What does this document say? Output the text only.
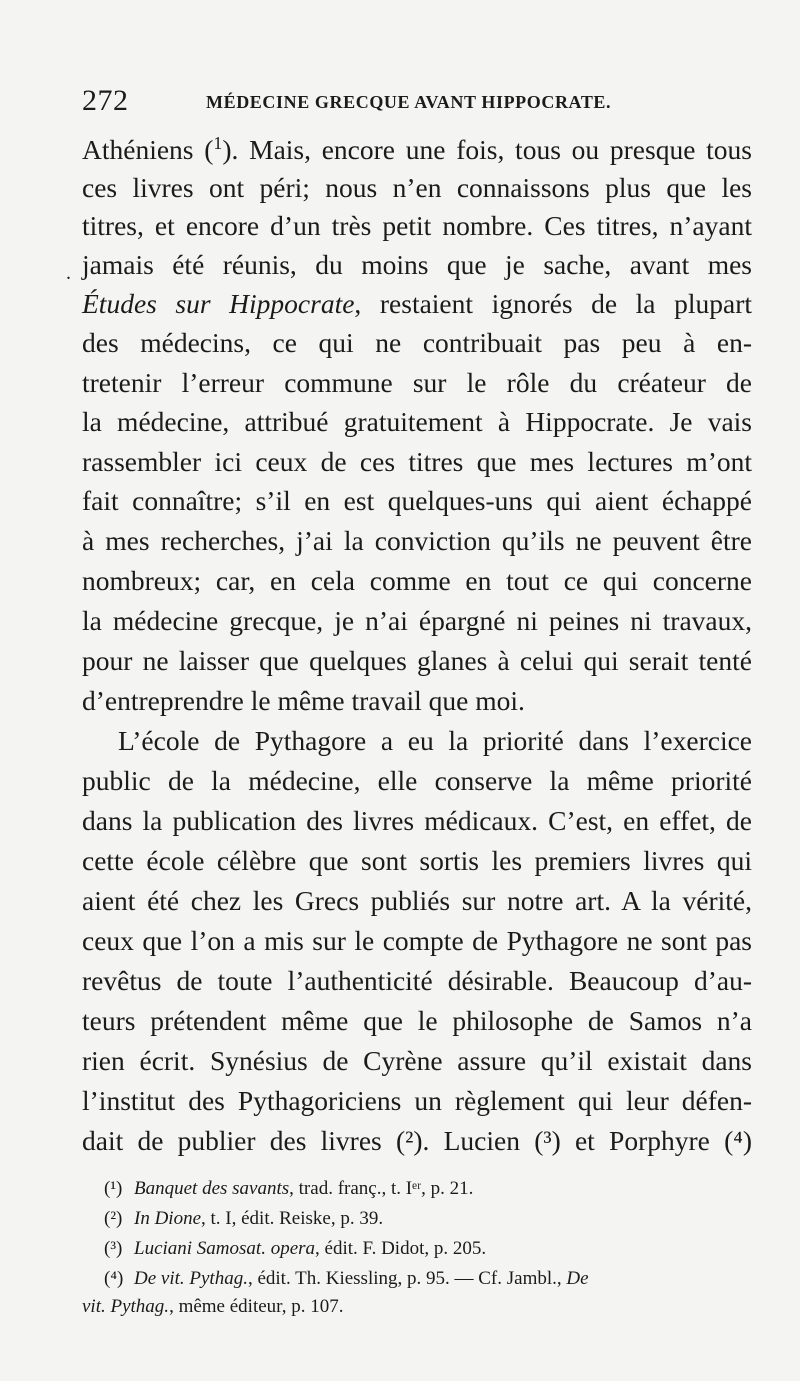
272	MÉDECINE GRECQUE AVANT HIPPOCRATE.
.
Athéniens ($^1$). Mais, encore une fois, tous ou presque tous
ces livres ont péri; nous n’en connaissons plus que les
titres, et encore d’un très petit nombre. Ces titres, n’ayant
jamais été réunis, du moins que je sache, avant mes
Études sur Hippocrate, restaient ignorés de la plupart
des médecins, ce qui ne contribuait pas peu à en-
tretenir l’erreur commune sur le rôle du créateur de
la médecine, attribué gratuitement à Hippocrate. Je vais
rassembler ici ceux de ces titres que mes lectures m’ont
fait connaître; s’il en est quelques-uns qui aient échappé
à mes recherches, j’ai la conviction qu’ils ne peuvent être
nombreux; car, en cela comme en tout ce qui concerne
la médecine grecque, je n’ai épargné ni peines ni travaux,
pour ne laisser que quelques glanes à celui qui serait tenté
d’entreprendre le même travail que moi.
L’école de Pythagore a eu la priorité dans l’exercice
public de la médecine, elle conserve la même priorité
dans la publication des livres médicaux. C’est, en effet, de
cette école célèbre que sont sortis les premiers livres qui
aient été chez les Grecs publiés sur notre art. A la vérité,
ceux que l’on a mis sur le compte de Pythagore ne sont pas
revêtus de toute l’authenticité désirable. Beaucoup d’au-
teurs prétendent même que le philosophe de Samos n’a
rien écrit. Synésius de Cyrène assure qu’il existait dans
l’institut des Pythagoriciens un règlement qui leur défen-
dait de publier des livres (²). Lucien (³) et Porphyre (⁴)
(¹) Banquet des savants, trad. franç., t. Iᵉʳ, p. 21.
(²) In Dione, t. I, édit. Reiske, p. 39.
(³) Luciani Samosat. opera, édit. F. Didot, p. 205.
(⁴) De vit. Pythag., édit. Th. Kiessling, p. 95. — Cf. Jambl., De
vit. Pythag., même éditeur, p. 107.
